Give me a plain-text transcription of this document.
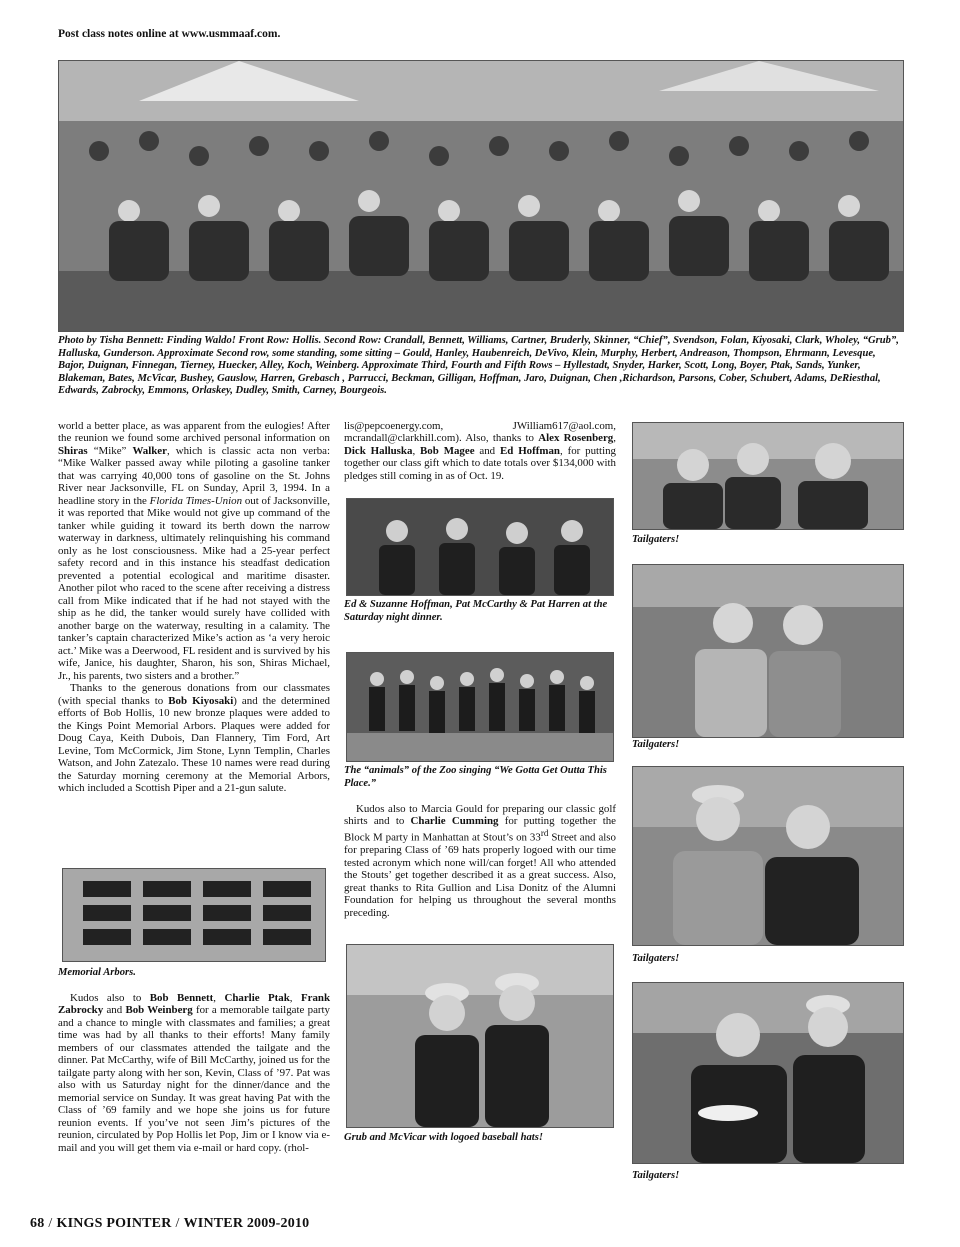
Post class notes online at www.usmmaaf.com.
Photo by Tisha Bennett: Finding Waldo! Front Row: Hollis. Second Row: Crandall, Bennett, Williams, Cartner, Bruderly, Skinner, “Chief”, Svendson, Folan, Kiyosaki, Clark, Wholey, “Grub”, Halluska, Gunderson. Approximate Second row, some standing, some sitting – Gould, Hanley, Haubenreich, DeVivo, Klein, Murphy, Herbert, Andreason, Thompson, Ehrmann, Levesque, Bajor, Duignan, Finnegan, Tierney, Huecker, Alley, Koch, Weinberg. Approximate Third, Fourth and Fifth Rows – Hyllestadt, Snyder, Harker, Scott, Long, Boyer, Ptak, Sands, Yunker, Blakeman, Bates, McVicar, Bushey, Gauslow, Harren, Grebasch , Parrucci, Beckman, Gilligan, Hoffman, Jaro, Duignan, Chen ,Richardson, Parsons, Cober, Schubert, Adams, DeRiesthal, Edwards, Zabrocky, Emmons, Orlaskey, Dudley, Smith, Carney, Bourgeois.

world a better place, as was apparent from the eulogies! After the reunion we found some archived personal information on Shiras “Mike” Walker, which is classic acta non verba: “Mike Walker passed away while piloting a gasoline tanker that was carrying 40,000 tons of gasoline on the St. Johns River near Jacksonville, FL on Sunday, April 3, 1994. In a headline story in the Florida Times-Union out of Jacksonville, it was reported that Mike would not give up command of the tanker while guiding it toward its berth down the narrow waterway in darkness, ultimately relinquishing his command only as he lost consciousness. Mike had a 25-year perfect safety record and in this instance his steadfast dedication prevented a potential ecological and maritime disaster. Another pilot who raced to the scene after receiving a distress call from Mike indicated that if he had not stayed with the ship as he did, the tanker would surely have collided with another barge on the waterway, resulting in a calamity. The tanker’s captain characterized Mike’s action as ‘a very heroic act.’ Mike was a Deerwood, FL resident and is survived by his wife, Janice, his daughter, Sharon, his son, Shiras Michael, Jr., his parents, two sisters and a brother.”

Thanks to the generous donations from our classmates (with special thanks to Bob Kiyosaki) and the determined efforts of Bob Hollis, 10 new bronze plaques were added to the Kings Point Memorial Arbors. Plaques were added for Doug Caya, Keith Dubois, Dan Flannery, Tim Ford, Art Levine, Tom McCormick, Jim Stone, Lynn Templin, Charles Watson, and John Zatezalo. These 10 names were read during the Saturday morning ceremony at the Memorial Arbors, which included a Scottish Piper and a 21-gun salute.

Memorial Arbors.

Kudos also to Bob Bennett, Charlie Ptak, Frank Zabrocky and Bob Weinberg for a memorable tailgate party and a chance to mingle with classmates and families; a great time was had by all thanks to their efforts! Many family members of our classmates attended the tailgate and the dinner. Pat McCarthy, wife of Bill McCarthy, joined us for the tailgate party along with her son, Kevin, Class of ’97. Pat was also with us Saturday night for the dinner/dance and the memorial service on Sunday. It was great having Pat with the Class of ’69 family and we hope she joins us for future reunion events. If you’ve not seen Jim’s pictures of the reunion, circulated by Pop Hollis let Pop, Jim or I know via e-mail and you will get them via e-mail or hard copy. (rhol-

lis@pepcoenergy.com, JWilliam617@aol.com, mcrandall@clarkhill.com). Also, thanks to Alex Rosenberg, Dick Halluska, Bob Magee and Ed Hoffman, for putting together our class gift which to date totals over $134,000 with pledges still coming in as of Oct. 19.

Ed & Suzanne Hoffman, Pat McCarthy & Pat Harren at the Saturday night dinner.
The “animals” of the Zoo singing “We Gotta Get Outta This Place.”

Kudos also to Marcia Gould for preparing our classic golf shirts and to Charlie Cumming for putting together the Block M party in Manhattan at Stout’s on 33rd Street and also for preparing Class of ’69 hats properly logoed with our time tested acronym which none will/can forget! All who attended the Stouts’ get together described it as a great success. Also, great thanks to Rita Gullion and Lisa Donitz of the Alumni Foundation for helping us throughout the several months preceding.

Grub and McVicar with logoed baseball hats!
Tailgaters!
Tailgaters!
Tailgaters!
Tailgaters!
68 / KINGS POINTER / WINTER 2009-2010
